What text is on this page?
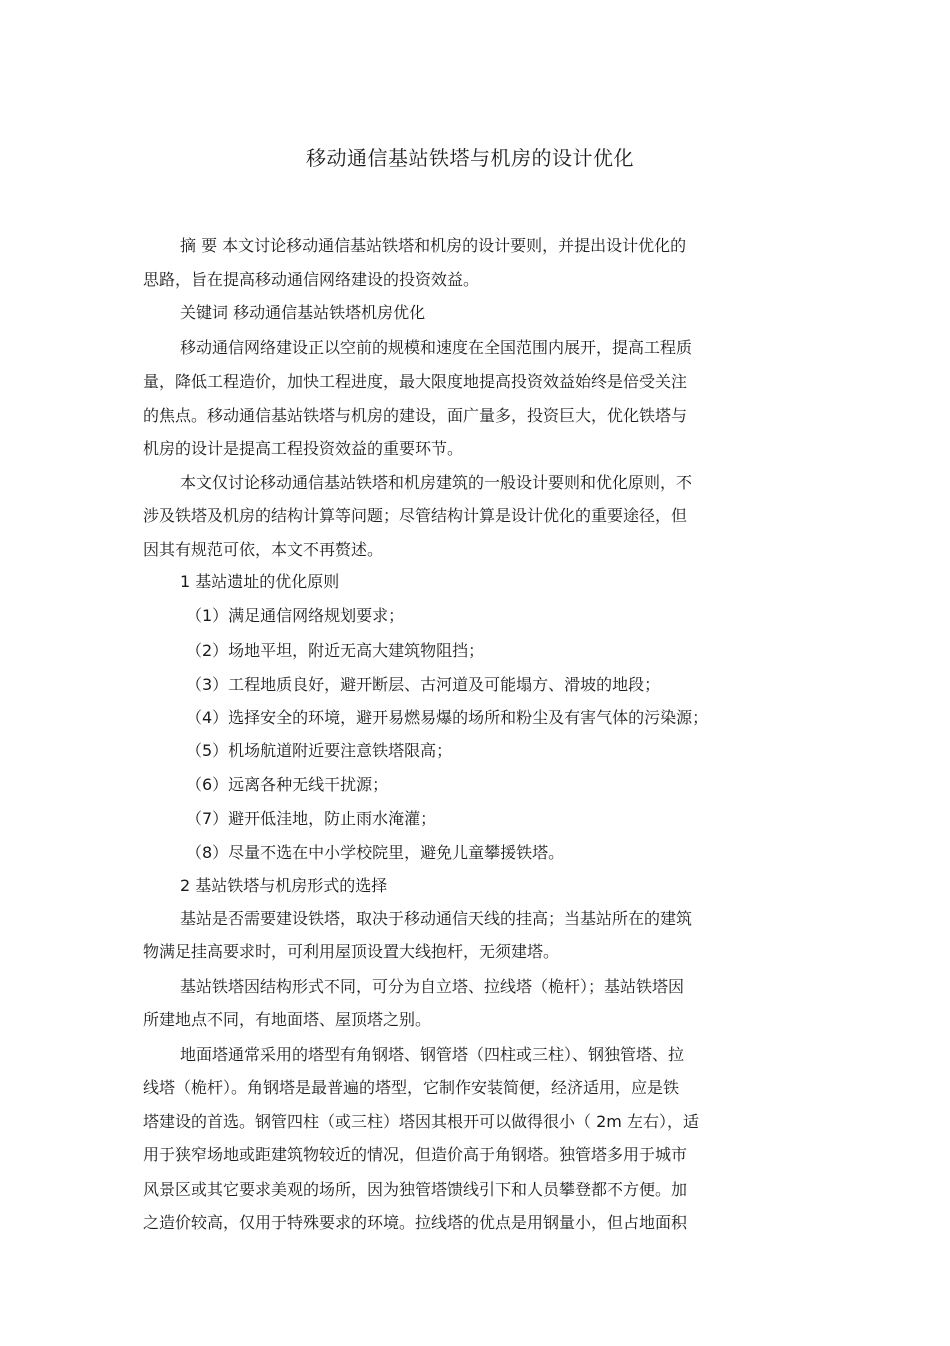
移动通信基站铁塔与机房的设计优化
摘 要 本文讨论移动通信基站铁塔和机房的设计要则，并提出设计优化的
思路，旨在提高移动通信网络建设的投资效益。
关键词 移动通信基站铁塔机房优化
移动通信网络建设正以空前的规模和速度在全国范围内展开，提高工程质
量，降低工程造价，加快工程进度，最大限度地提高投资效益始终是倍受关注
的焦点。移动通信基站铁塔与机房的建设，面广量多，投资巨大，优化铁塔与
机房的设计是提高工程投资效益的重要环节。
本文仅讨论移动通信基站铁塔和机房建筑的一般设计要则和优化原则，不
涉及铁塔及机房的结构计算等问题；尽管结构计算是设计优化的重要途径，但
因其有规范可依，本文不再赘述。
1 基站遗址的优化原则
（1）满足通信网络规划要求；
（2）场地平坦，附近无高大建筑物阻挡；
（3）工程地质良好，避开断层、古河道及可能塌方、滑坡的地段；
（4）选择安全的环境，避开易燃易爆的场所和粉尘及有害气体的污染源；
（5）机场航道附近要注意铁塔限高；
（6）远离各种无线干扰源；
（7）避开低洼地，防止雨水淹灌；
（8）尽量不选在中小学校院里，避免儿童攀援铁塔。
2 基站铁塔与机房形式的选择
基站是否需要建设铁塔，取决于移动通信天线的挂高；当基站所在的建筑
物满足挂高要求时，可利用屋顶设置大线抱杆，无须建塔。
基站铁塔因结构形式不同，可分为自立塔、拉线塔（桅杆）；基站铁塔因
所建地点不同，有地面塔、屋顶塔之别。
地面塔通常采用的塔型有角钢塔、钢管塔（四柱或三柱）、钢独管塔、拉
线塔（桅杆）。角钢塔是最普遍的塔型，它制作安装简便，经济适用，应是铁
塔建设的首选。钢管四柱（或三柱）塔因其根开可以做得很小（ 2m 左右），适
用于狭窄场地或距建筑物较近的情况，但造价高于角钢塔。独管塔多用于城市
风景区或其它要求美观的场所，因为独管塔馈线引下和人员攀登都不方便。加
之造价较高，仅用于特殊要求的环境。拉线塔的优点是用钢量小，但占地面积
